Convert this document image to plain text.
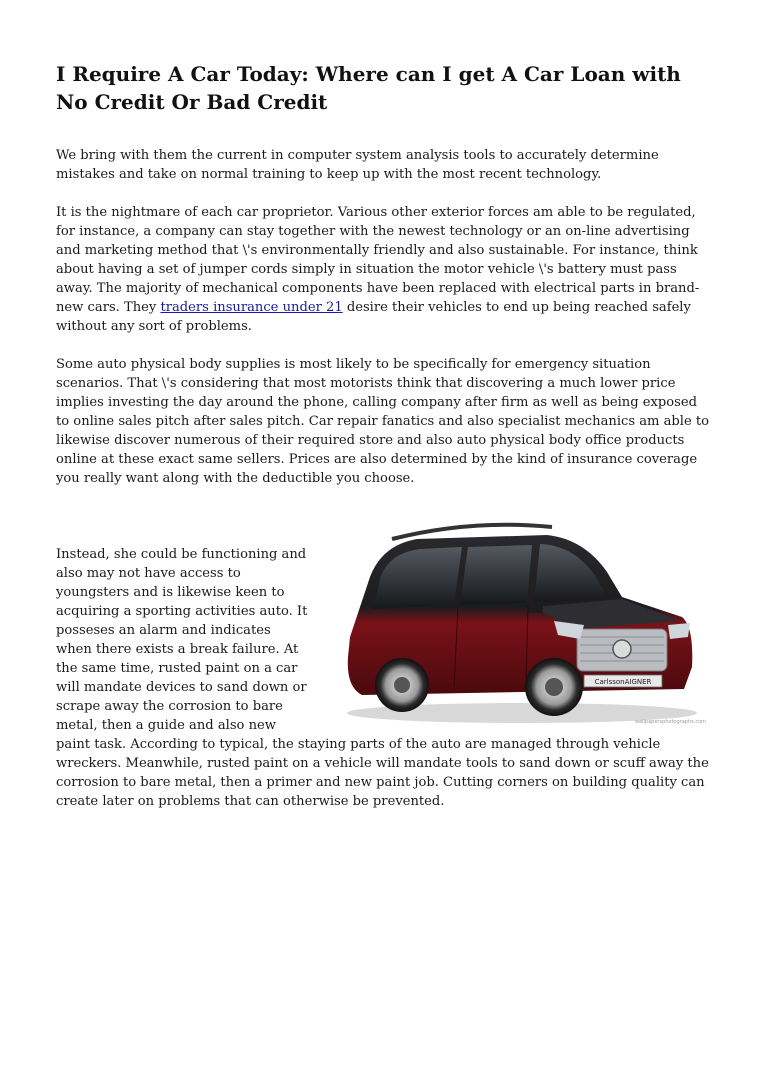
I Require A Car Today: Where can I get A Car Loan with No Credit Or Bad Credit

We bring with them the current in computer system analysis tools to accurately determine mistakes and take on normal training to keep up with the most recent technology.

It is the nightmare of each car proprietor. Various other exterior forces am able to be regulated, for instance, a company can stay together with the newest technology or an on-line advertising and marketing method that \'s environmentally friendly and also sustainable. For instance, think about having a set of jumper cords simply in situation the motor vehicle \'s battery must pass away. The majority of mechanical components have been replaced with electrical parts in brand-new cars. They traders insurance under 21 desire their vehicles to end up being reached safely without any sort of problems.

Some auto physical body supplies is most likely to be specifically for emergency situation scenarios. That \'s considering that most motorists think that discovering a much lower price implies investing the day around the phone, calling company after firm as well as being exposed to online sales pitch after sales pitch. Car repair fanatics and also specialist mechanics am able to likewise discover numerous of their required store and also auto physical body office products online at these exact same sellers. Prices are also determined by the kind of insurance coverage you really want along with the deductible you choose.

CarlssonAIGNER
wallpapersphotographs.com

Instead, she could be functioning and also may not have access to youngsters and is likewise keen to acquiring a sporting activities auto. It posseses an alarm and indicates when there exists a break failure. At the same time, rusted paint on a car will mandate devices to sand down or scrape away the corrosion to bare metal, then a guide and also new paint task. According to typical, the staying parts of the auto are managed through vehicle wreckers. Meanwhile, rusted paint on a vehicle will mandate tools to sand down or scuff away the corrosion to bare metal, then a primer and new paint job. Cutting corners on building quality can create later on problems that can otherwise be prevented.
